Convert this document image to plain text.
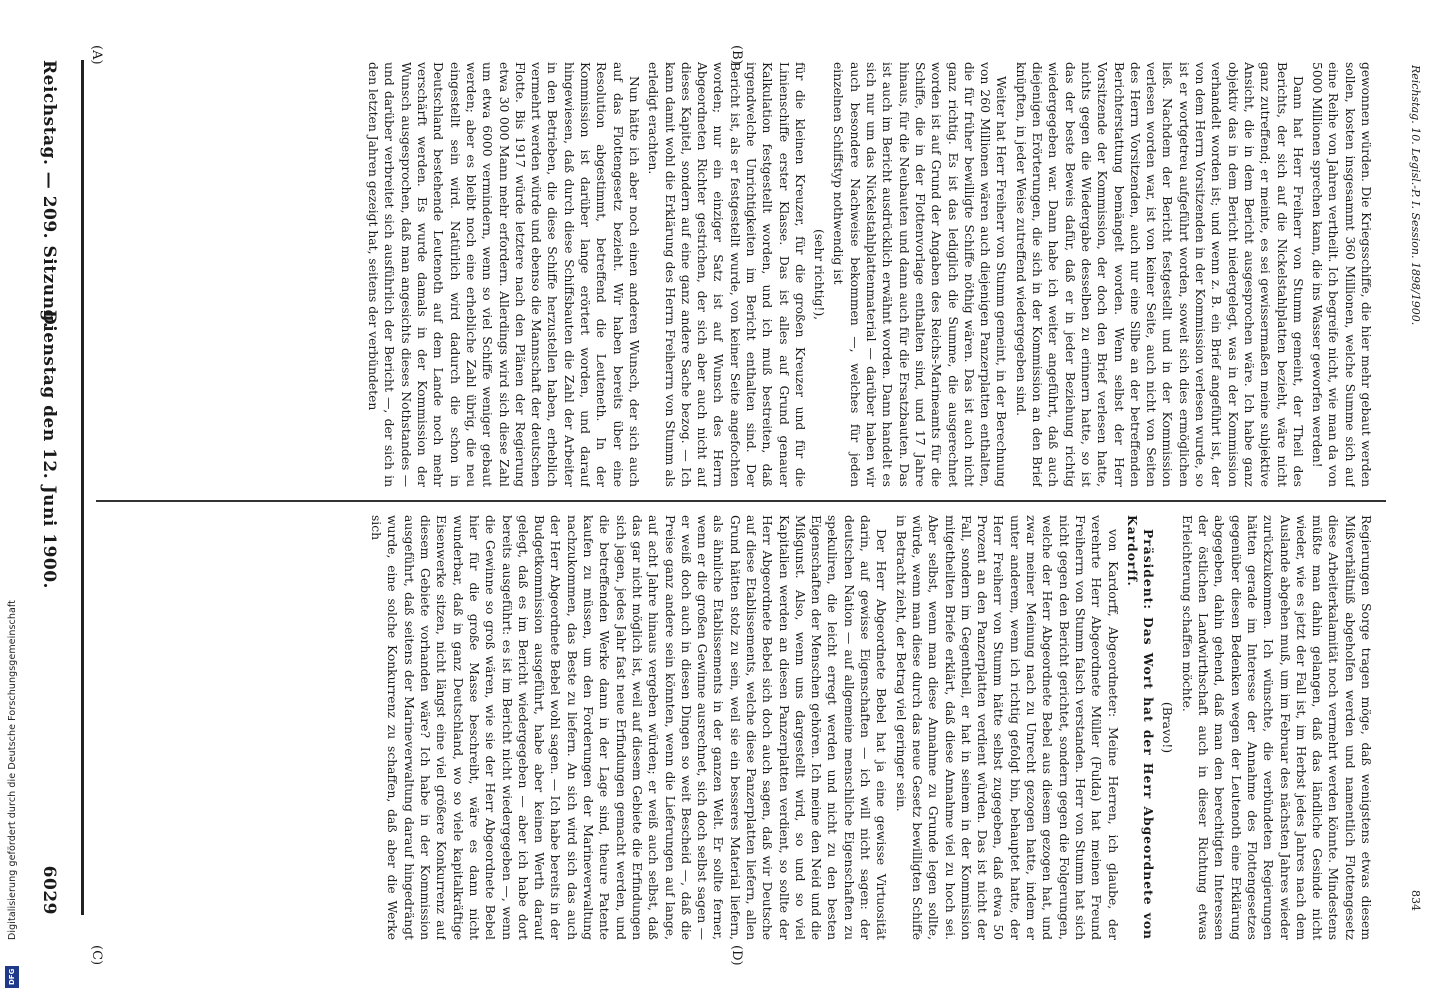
Digitalisierung gefördert durch die Deutsche Forschungsgemeinschaft
DFG
Reichstag. — 209. Sitzung.
Dienstag den 12. Juni 1900.
6029
(A)	(B)
(C)	(D)

gewonnen würden. Die Kriegsschiffe, die hier mehr gebaut werden sollen, kosten insgesammt 360 Millionen, welche Summe sich auf eine Reihe von Jahren vertheilt. Ich begreife nicht, wie man da von 5000 Millionen sprechen kann, die ins Wasser geworfen werden!

Dann hat Herr Freiherr von Stumm gemeint, der Theil des Berichts, der sich auf die Nickelstahlplatten bezieht, wäre nicht ganz zutreffend; er meinte, es sei gewissermaßen meine subjektive Ansicht, die in dem Bericht ausgesprochen wäre. Ich habe ganz objektiv das in dem Bericht niedergelegt, was in der Kommission verhandelt worden ist; und wenn z. B. ein Brief angeführt ist, der von dem Herrn Vorsitzenden in der Kommission verlesen wurde, so ist er wortgetreu aufgeführt worden, soweit sich dies ermöglichen ließ. Nachdem der Bericht festgestellt und in der Kommission verlesen worden war, ist von keiner Seite, auch nicht von Seiten des Herrn Vorsitzenden, auch nur eine Silbe an der betreffenden Berichterstattung bemängelt worden. Wenn selbst der Herr Vorsitzende der Kommission, der doch den Brief verlesen hatte, nichts gegen die Wiedergabe desselben zu erinnern hatte, so ist das der beste Beweis dafür, daß er in jeder Beziehung richtig wiedergegeben war. Dann habe ich weiter angeführt, daß auch diejenigen Erörterungen, die sich in der Kommission an den Brief knüpften, in jeder Weise zutreffend wiedergegeben sind.

Weiter hat Herr Freiherr von Stumm gemeint, in der Berechnung von 260 Millionen wären auch diejenigen Panzerplatten enthalten, die für früher bewilligte Schiffe nöthig wären. Das ist auch nicht ganz richtig. Es ist das lediglich die Summe, die ausgerechnet worden ist auf Grund der Angaben des Reichs-Marineamts für die Schiffe, die in der Flottenvorlage enthalten sind, und 17 Jahre hinaus, für die Neubauten und dann auch für die Ersatzbauten. Das ist auch im Bericht ausdrücklich erwähnt worden. Dann handelt es sich nur um das Nickelstahlplattenmaterial — darüber haben wir auch besondere Nachweise bekommen —, welches für jeden einzelnen Schiffstyp nothwendig ist

(sehr richtig!),

für die kleinen Kreuzer, für die großen Kreuzer und für die Linienschiffe erster Klasse. Das ist alles auf Grund genauer Kalkulation festgestellt worden, und ich muß bestreiten, daß irgendwelche Unrichtigkeiten im Bericht enthalten sind. Der Bericht ist, als er festgestellt wurde, von keiner Seite angefochten worden; nur ein einziger Satz ist auf Wunsch des Herrn Abgeordneten Richter gestrichen, der sich aber auch nicht auf dieses Kapitel, sondern auf eine ganz andere Sache bezog. — Ich kann damit wohl die Erklärung des Herrn Freiherrn von Stumm als erledigt erachten.

Nun hätte ich aber noch einen anderen Wunsch, der sich auch auf das Flottengesetz bezieht. Wir haben bereits über eine Resolution abgestimmt, betreffend die Leuteneth. In der Kommission ist darüber lange erörtert worden, und darauf hingewiesen, daß durch diese Schiffsbauten die Zahl der Arbeiter in den Betrieben, die diese Schiffe herzustellen haben, erheblich vermehrt werden würde und ebenso die Mannschaft der deutschen Flotte. Bis 1917 würde letztere nach den Plänen der Regierung etwa 30 000 Mann mehr erfordern. Allerdings wird sich diese Zahl um etwa 6000 vermindern, wenn so viel Schiffe weniger gebaut werden; aber es bleibt noch eine erhebliche Zahl übrig, die neu eingestellt sein wird. Natürlich wird dadurch die schon in Deutschland bestehende Leutenoth auf dem Lande noch mehr verschärft werden. Es wurde damals in der Kommission der Wunsch ausgesprochen, daß man angesichts dieses Nothstandes — und darüber verbreitet sich ausführlich der Bericht —, der sich in den letzten Jahren gezeigt hat, seitens der verbündeten

Regierungen Sorge tragen möge, daß wenigstens etwas diesem Mißverhältniß abgeholfen werden und namentlich Flottengesetz diese Arbeiterkalamität noch vermehrt werden könnte. Mindestens müßte man dahin gelangen, daß das ländliche Gesinde nicht wieder, wie es jetzt der Fall ist, im Herbst jedes Jahres nach dem Auslande abgehen muß, um im Februar des nächsten Jahres wieder zurückzukommen. Ich wünschte, die verbündeten Regierungen hätten gerade im Interesse der Annahme des Flottengesetzes gegenüber diesen Bedenken wegen der Leutenoth eine Erklärung abgegeben, dahin gehend, daß man den berechtigten Interessen der östlichen Landwirthschaft auch in dieser Richtung etwas Erleichterung schaffen möchte.

(Bravo!)

Präsident: Das Wort hat der Herr Abgeordnete von Kardorff.

von Kardorff, Abgeordneter: Meine Herren, ich glaube, der verehrte Herr Abgeordnete Müller (Fulda) hat meinen Freund Freiherrn von Stumm falsch verstanden. Herr von Stumm hat sich nicht gegen den Bericht gerichtet, sondern gegen die Folgerungen, welche der Herr Abgeordnete Bebel aus diesem gezogen hat, und zwar meiner Meinung nach zu Unrecht gezogen hatte, indem er unter anderem, wenn ich richtig gefolgt bin, behauptet hatte, der Herr Freiherr von Stumm hätte selbst zugegeben, daß etwa 50 Prozent an den Panzerplatten verdient würden. Das ist nicht der Fall, sondern im Gegentheil, er hat in seinem in der Kommission mitgetheilten Briefe erklärt, daß diese Annahme viel zu hoch sei. Aber selbst, wenn man diese Annahme zu Grunde legen sollte, würde, wenn man diese durch das neue Gesetz bewilligten Schiffe in Betracht zieht, der Betrag viel geringer sein.

Der Herr Abgeordnete Bebel hat ja eine gewisse Virtuosität darin, auf gewisse Eigenschaften — ich will nicht sagen: der deutschen Nation — auf allgemeine menschliche Eigenschaften zu spekuliren, die leicht erregt werden und nicht zu den besten Eigenschaften der Menschen gehören. Ich meine den Neid und die Mißgunst. Also, wenn uns dargestellt wird, so und so viel Kapitalien werden an diesen Panzerplatten verdient, so sollte der Herr Abgeordnete Bebel sich doch auch sagen, daß wir Deutsche auf diese Etablissements, welche diese Panzerplatten liefern, allen Grund hätten stolz zu sein, weil sie ein besseres Material liefern, als ähnliche Etablissements in der ganzen Welt. Er sollte ferner, wenn er die großen Gewinne ausrechnet, sich doch selbst sagen — er weiß doch auch in diesen Dingen so weit Bescheid —, daß die Preise ganz andere sein könnten, wenn die Lieferungen auf lange, auf acht Jahre hinaus vergeben würden; er weiß auch selbst, daß das gar nicht möglich ist, weil auf diesem Gebiete die Erfindungen sich jagen, jedes Jahr fast neue Erfindungen gemacht werden, und die betreffenden Werke dann in der Lage sind, theure Patente kaufen zu müssen, um den Forderungen der Marineverwaltung nachzukommen, das Beste zu liefern. An sich wird sich das auch der Herr Abgeordnete Bebel wohl sagen. — Ich habe bereits in der Budgetkommission ausgeführt, habe aber keinen Werth darauf gelegt, daß es im Bericht wiedergegeben — aber ich habe dort bereits ausgeführt: es ist im Bericht nicht wiedergegeben —, wenn die Gewinne so groß wären, wie sie der Herr Abgeordnete Bebel hier für die große Masse beschreibt, wäre es dann nicht wunderbar, daß in ganz Deutschland, wo so viele kapitalkräftige Eisenwerke sitzen, nicht längst eine viel größere Konkurrenz auf diesem Gebiete vorhanden wäre? Ich habe in der Kommission ausgeführt, daß seitens der Marineverwaltung darauf hingedrängt wurde, eine solche Konkurrenz zu schaffen, daß aber die Werke sich

Reichstag. 10. Legisl.-P. I. Session. 1898/1900.
834
